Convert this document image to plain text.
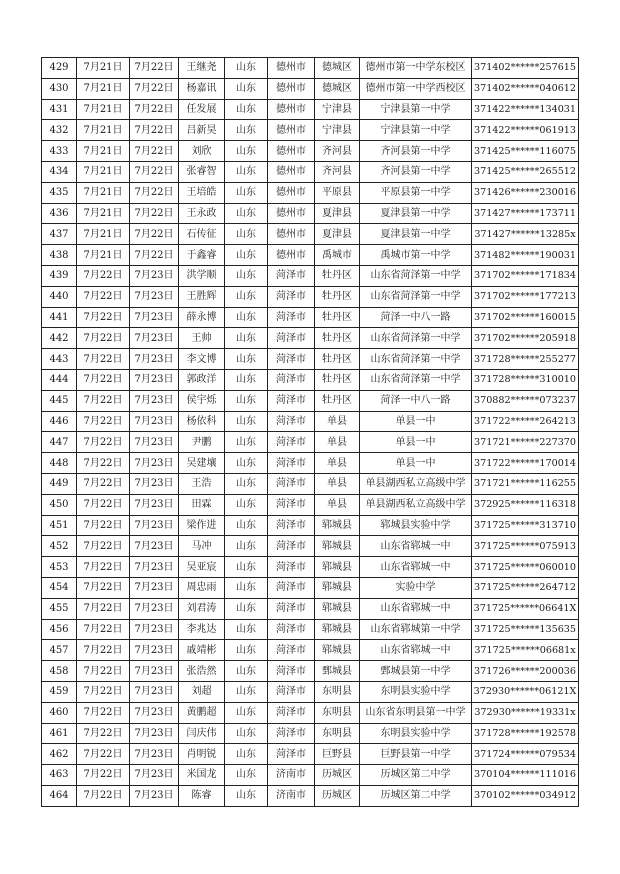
429	7月21日	7月22日	王继尧	山东	德州市	德城区	德州市第一中学东校区	371402******257615
430	7月21日	7月22日	杨嘉讯	山东	德州市	德城区	德州市第一中学西校区	371402******040612
431	7月21日	7月22日	任发展	山东	德州市	宁津县	宁津县第一中学	371422******134031
432	7月21日	7月22日	吕新昊	山东	德州市	宁津县	宁津县第一中学	371422******061913
433	7月21日	7月22日	刘欣	山东	德州市	齐河县	齐河县第一中学	371425******116075
434	7月21日	7月22日	张睿智	山东	德州市	齐河县	齐河县第一中学	371425******265512
435	7月21日	7月22日	王培皓	山东	德州市	平原县	平原县第一中学	371426******230016
436	7月21日	7月22日	王永政	山东	德州市	夏津县	夏津县第一中学	371427******173711
437	7月21日	7月22日	石传征	山东	德州市	夏津县	夏津县第一中学	371427******13285x
438	7月21日	7月22日	于鑫睿	山东	德州市	禹城市	禹城市第一中学	371482******190031
439	7月22日	7月23日	洪学顺	山东	菏泽市	牡丹区	山东省菏泽第一中学	371702******171834
440	7月22日	7月23日	王胜辉	山东	菏泽市	牡丹区	山东省菏泽第一中学	371702******177213
441	7月22日	7月23日	薛永博	山东	菏泽市	牡丹区	菏泽一中八一路	371702******160015
442	7月22日	7月23日	王帅	山东	菏泽市	牡丹区	山东省菏泽第一中学	371702******205918
443	7月22日	7月23日	李文博	山东	菏泽市	牡丹区	山东省菏泽第一中学	371728******255277
444	7月22日	7月23日	郭政洋	山东	菏泽市	牡丹区	山东省菏泽第一中学	371728******310010
445	7月22日	7月23日	侯宇烁	山东	菏泽市	牡丹区	菏泽一中八一路	370882******073237
446	7月22日	7月23日	杨依科	山东	菏泽市	单县	单县一中	371722******264213
447	7月22日	7月23日	尹鹏	山东	菏泽市	单县	单县一中	371721******227370
448	7月22日	7月23日	吴建壤	山东	菏泽市	单县	单县一中	371722******170014
449	7月22日	7月23日	王浩	山东	菏泽市	单县	单县湖西私立高级中学	371721******116255
450	7月22日	7月23日	田霖	山东	菏泽市	单县	单县湖西私立高级中学	372925******116318
451	7月22日	7月23日	梁作进	山东	菏泽市	郓城县	郓城县实验中学	371725******313710
452	7月22日	7月23日	马冲	山东	菏泽市	郓城县	山东省郓城一中	371725******075913
453	7月22日	7月23日	吴亚宸	山东	菏泽市	郓城县	山东省郓城一中	371725******060010
454	7月22日	7月23日	周忠雨	山东	菏泽市	郓城县	实验中学	371725******264712
455	7月22日	7月23日	刘君涛	山东	菏泽市	郓城县	山东省郓城一中	371725******06641X
456	7月22日	7月23日	李兆达	山东	菏泽市	郓城县	山东省郓城第一中学	371725******135635
457	7月22日	7月23日	戚靖彬	山东	菏泽市	郓城县	山东省郓城一中	371725******06681x
458	7月22日	7月23日	张浩然	山东	菏泽市	鄄城县	鄄城县第一中学	371726******200036
459	7月22日	7月23日	刘超	山东	菏泽市	东明县	东明县实验中学	372930******06121X
460	7月22日	7月23日	黄鹏超	山东	菏泽市	东明县	山东省东明县第一中学	372930******19331x
461	7月22日	7月23日	闫庆伟	山东	菏泽市	东明县	东明县实验中学	371728******192578
462	7月22日	7月23日	肖明锐	山东	菏泽市	巨野县	巨野县第一中学	371724******079534
463	7月22日	7月23日	米国龙	山东	济南市	历城区	历城区第二中学	370104******111016
464	7月22日	7月23日	陈睿	山东	济南市	历城区	历城区第二中学	370102******034912
